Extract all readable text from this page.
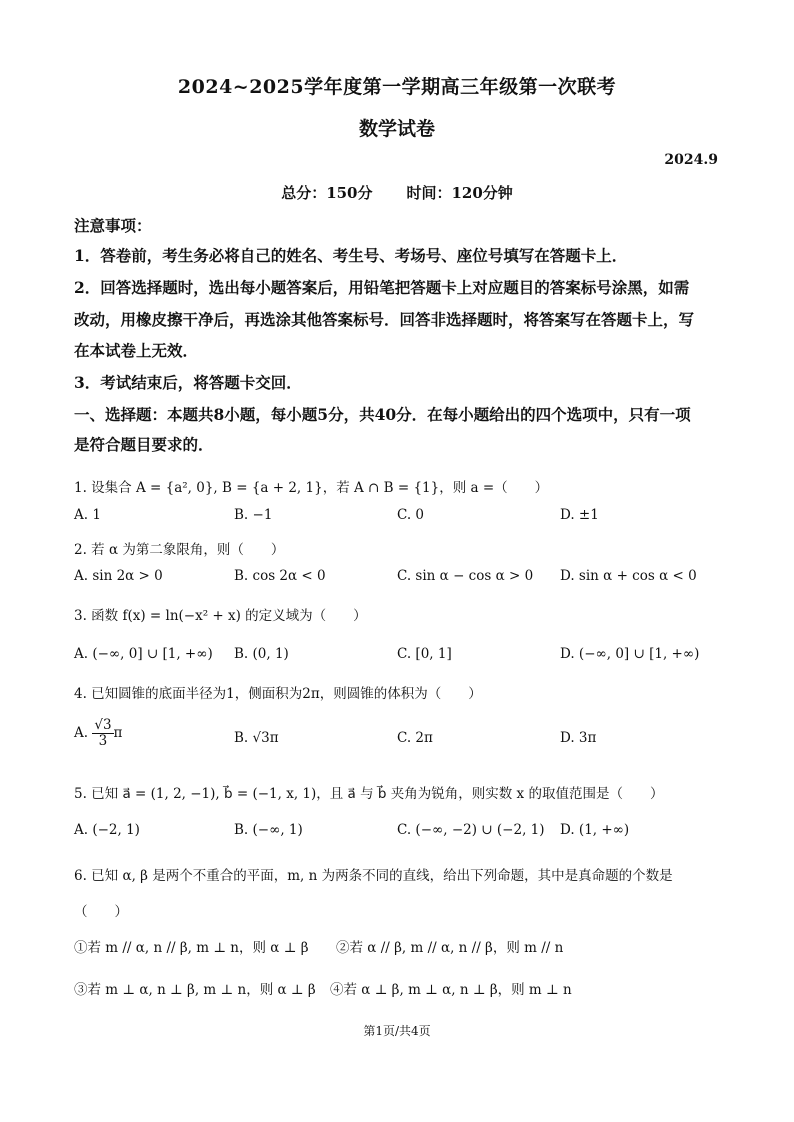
2024~2025学年度第一学期高三年级第一次联考
数学试卷
2024.9
总分：150分 时间：120分钟
注意事项：
1．答卷前，考生务必将自己的姓名、考生号、考场号、座位号填写在答题卡上．
2．回答选择题时，选出每小题答案后，用铅笔把答题卡上对应题目的答案标号涂黑，如需
改动，用橡皮擦干净后，再选涂其他答案标号．回答非选择题时，将答案写在答题卡上，写
在本试卷上无效．
3．考试结束后，将答题卡交回．
一、选择题：本题共8小题，每小题5分，共40分．在每小题给出的四个选项中，只有一项
是符合题目要求的．
1. 设集合 A = {a², 0}, B = {a + 2, 1}，若 A ∩ B = {1}，则 a =（　　）
A. 1	B. −1	C. 0	D. ±1
2. 若 α 为第二象限角，则（　　）
A. sin 2α > 0	B. cos 2α < 0	C. sin α − cos α > 0 D. sin α + cos α < 0
3. 函数 f(x) = ln(−x² + x) 的定义域为（　　）
A. (−∞, 0] ∪ [1, +∞) B. (0, 1)	C. [0, 1]	D. (−∞, 0] ∪ [1, +∞)
4. 已知圆锥的底面半径为1，侧面积为2π，则圆锥的体积为（　　）
A. $\frac{√3}{3}$ π	B. √3π	C. 2π	D. 3π
5. 已知 a⃗ = (1, 2, −1), b⃗ = (−1, x, 1)，且 a⃗ 与 b⃗ 夹角为锐角，则实数 x 的取值范围是（　　）
A. (−2, 1)	B. (−∞, 1)	C. (−∞, −2) ∪ (−2, 1) D. (1, +∞)
6. 已知 α, β 是两个不重合的平面，m, n 为两条不同的直线，给出下列命题，其中是真命题的个数是
（　　）
①若 m // α, n // β, m ⊥ n，则 α ⊥ β ②若 α // β, m // α, n // β，则 m // n
③若 m ⊥ α, n ⊥ β, m ⊥ n，则 α ⊥ β ④若 α ⊥ β, m ⊥ α, n ⊥ β，则 m ⊥ n
第1页/共4页
